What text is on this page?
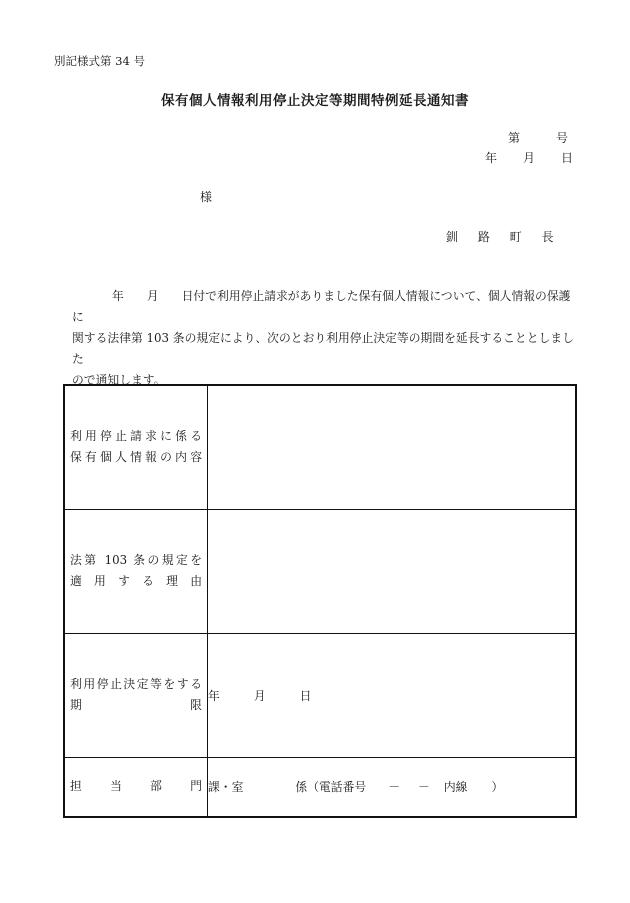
別記様式第 34 号
保有個人情報利用停止決定等期間特例延長通知書
第	号
年 月 日
様
釧 路 町 長
年 月 日付で利用停止請求がありました保有個人情報について、個人情報の保護に
関する法律第 103 条の規定により、次のとおり利用停止決定等の期間を延長することとしました
ので通知します。
利用停止請求に係る
保有個人情報の内容	

法第 103 条の規定を
適 用 す る 理 由	

利用停止決定等をする
期 限	年 月 日

担 当 部 門	課・室 係（電話番号 － － 内線 ）
